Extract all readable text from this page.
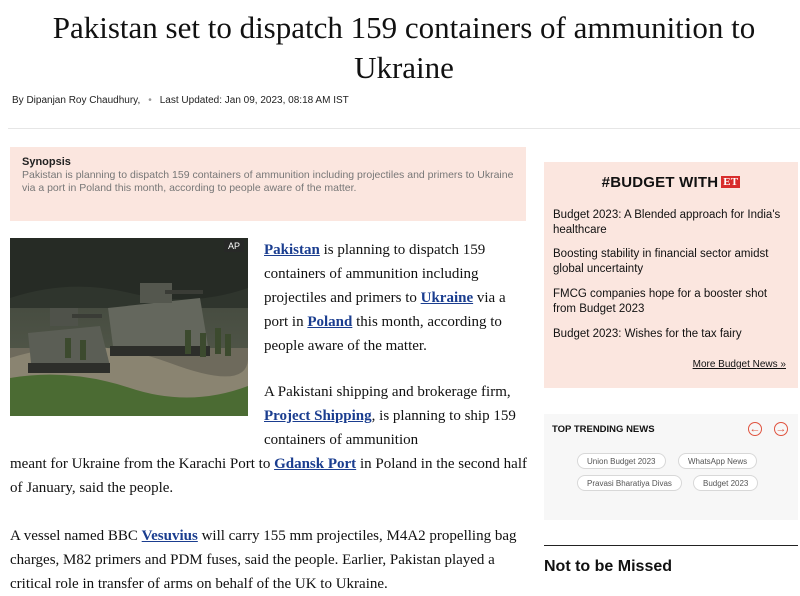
Pakistan set to dispatch 159 containers of ammunition to Ukraine
By Dipanjan Roy Chaudhury, • Last Updated: Jan 09, 2023, 08:18 AM IST
Synopsis
Pakistan is planning to dispatch 159 containers of ammunition including projectiles and primers to Ukraine via a port in Poland this month, according to people aware of the matter.
AP Pakistan is planning to dispatch 159 containers of ammunition including projectiles and primers to Ukraine via a port in Poland this month, according to people aware of the matter.
A Pakistani shipping and brokerage firm, Project Shipping, is planning to ship 159 containers of ammunition
meant for Ukraine from the Karachi Port to Gdansk Port in Poland in the second half of January, said the people.
A vessel named BBC Vesuvius will carry 155 mm projectiles, M4A2 propelling bag charges, M82 primers and PDM fuses, said the people. Earlier, Pakistan played a critical role in transfer of arms on behalf of the UK to Ukraine.
#BUDGET WITH ET
Budget 2023: A Blended approach for India's healthcare
Boosting stability in financial sector amidst global uncertainty
FMCG companies hope for a booster shot from Budget 2023
Budget 2023: Wishes for the tax fairy
More Budget News »
TOP TRENDING NEWS	← →
Union Budget 2023	WhatsApp News
Pravasi Bharatiya Divas	Budget 2023
Not to be Missed
